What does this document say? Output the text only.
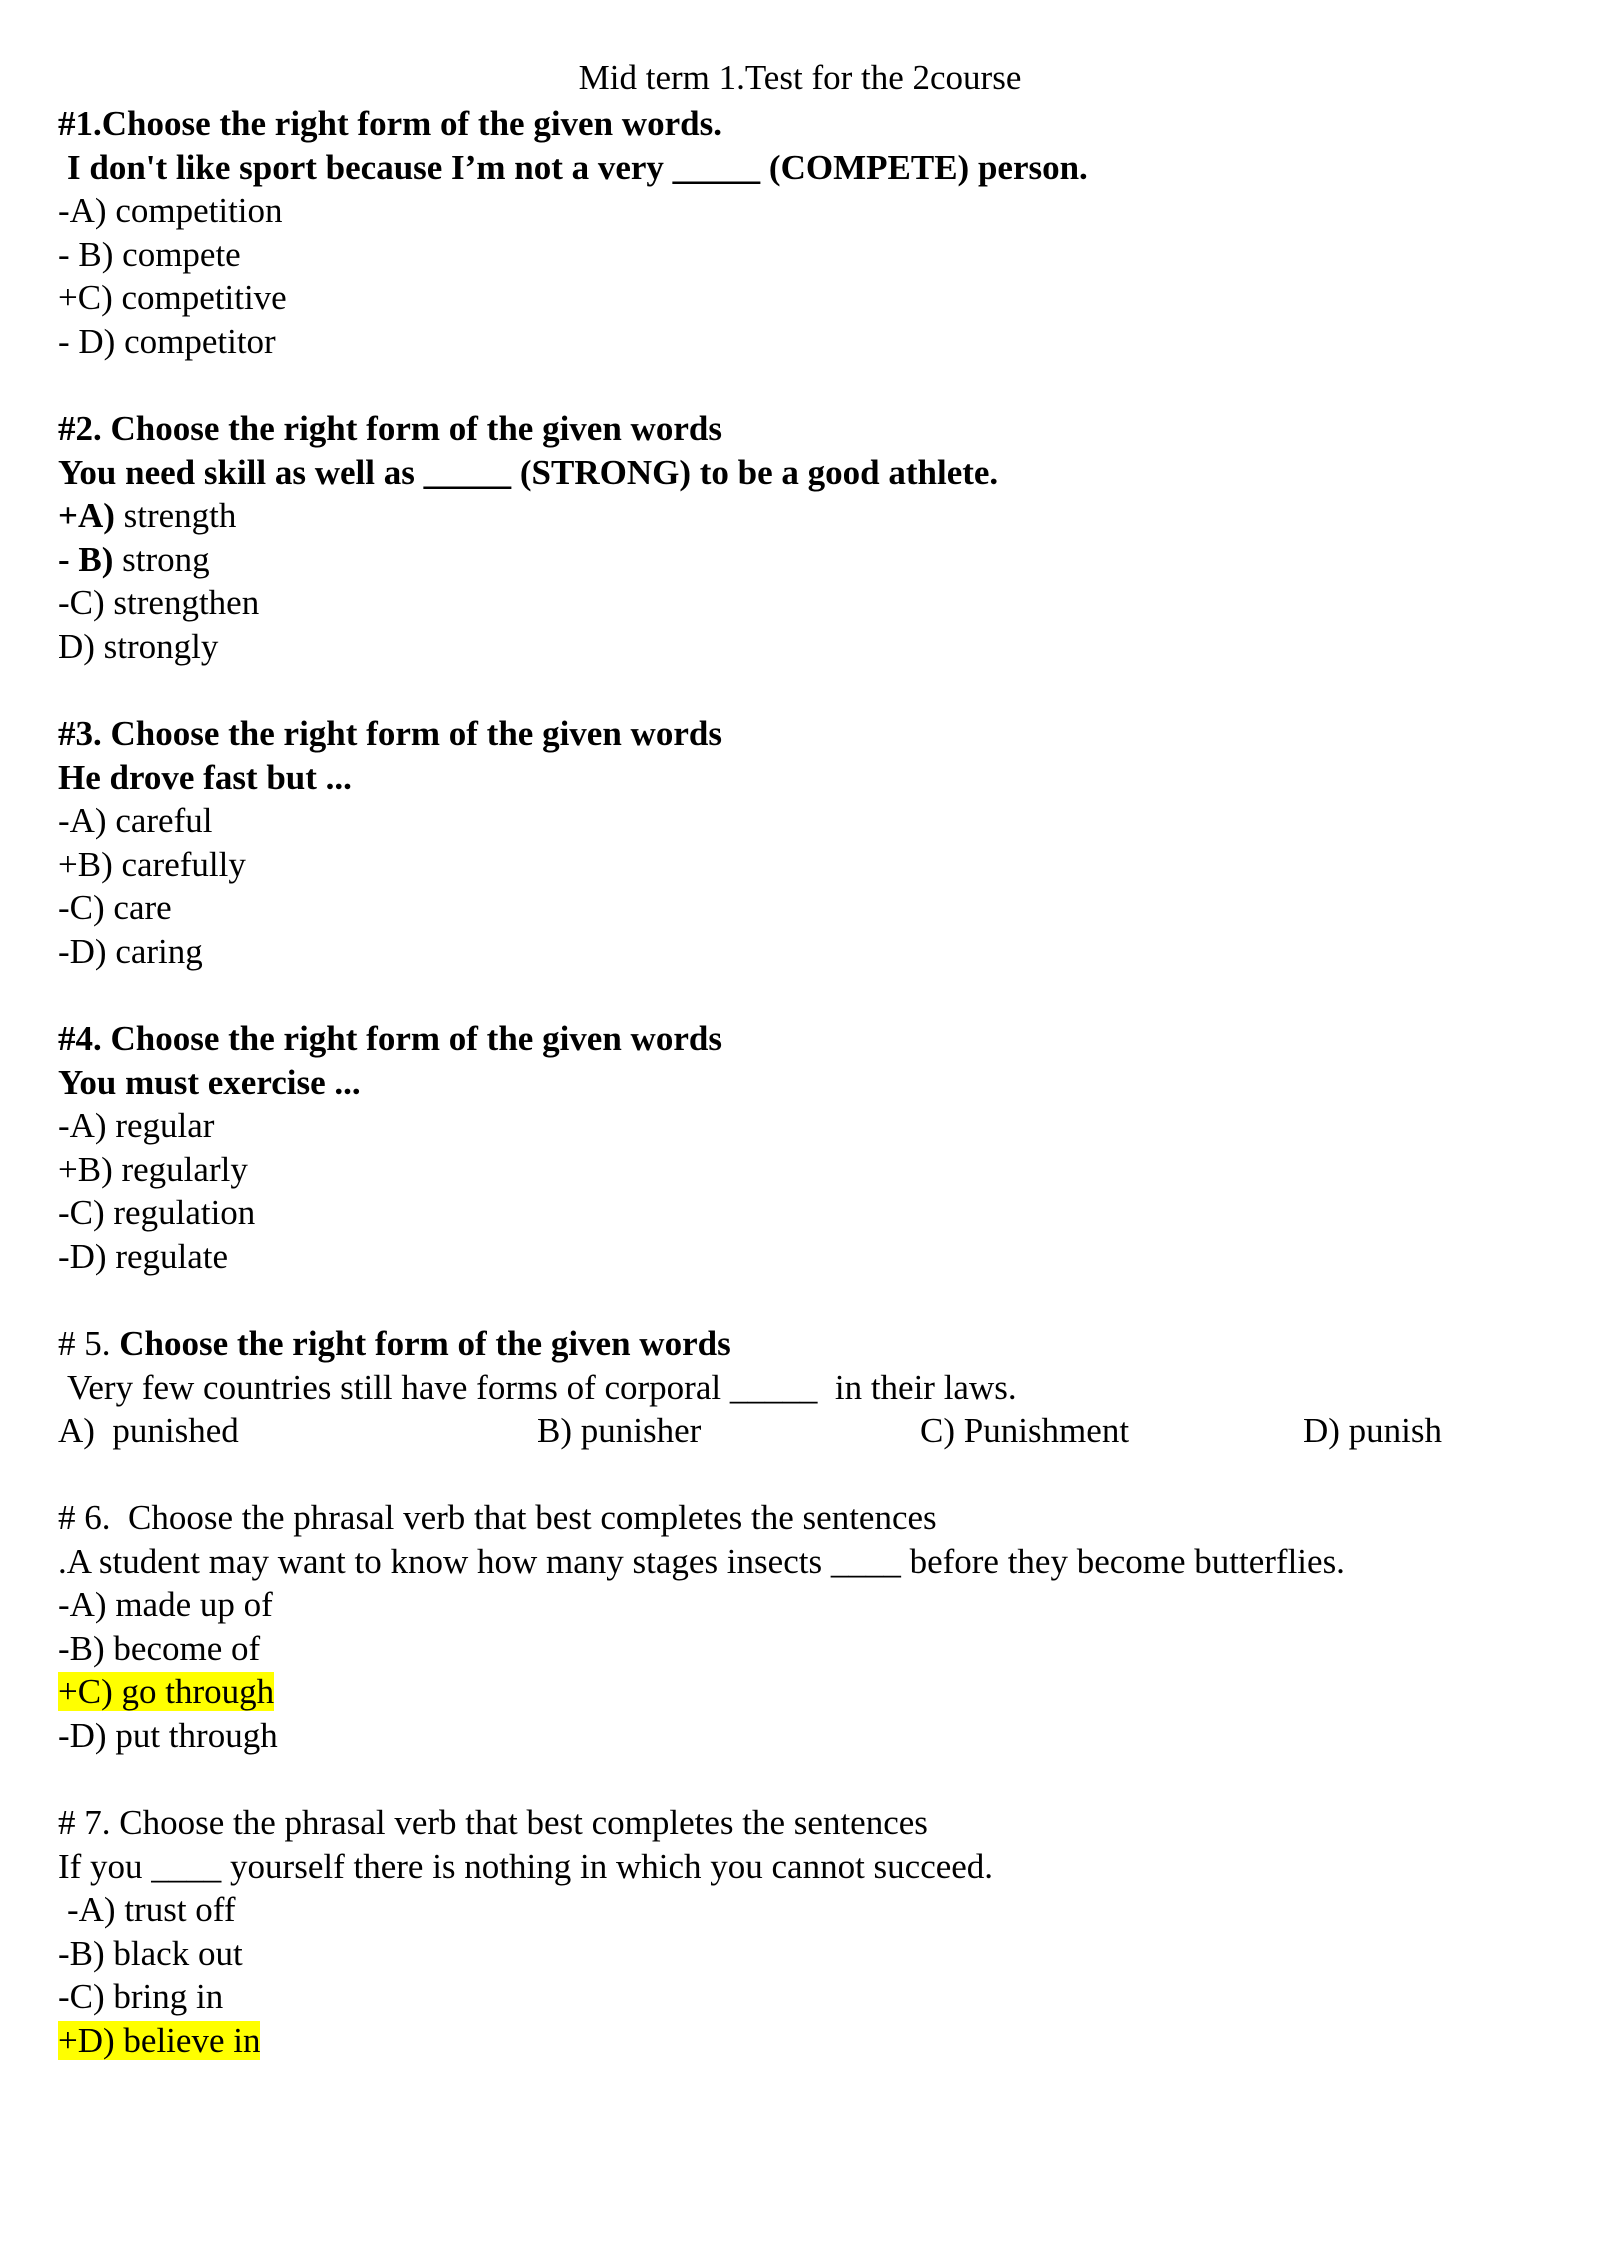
Mid term 1.Test for the 2course
#1.Choose the right form of the given words.
I don't like sport because I’m not a very _____ (COMPETE) person.
-A) competition
- B) compete
+C) competitive
- D) competitor
#2. Choose the right form of the given words
You need skill as well as _____ (STRONG) to be a good athlete.
+A) strength
- B) strong
-C) strengthen
D) strongly
#3. Choose the right form of the given words
He drove fast but ...
-A) careful
+B) carefully
-C) care
-D) caring
#4. Choose the right form of the given words
You must exercise ...
-A) regular
+B) regularly
-C) regulation
-D) regulate
# 5. Choose the right form of the given words
Very few countries still have forms of corporal _____  in their laws.
A)  punished	B) punisher	C) Punishment	D) punish
# 6.  Choose the phrasal verb that best completes the sentences
.A student may want to know how many stages insects ____ before they become butterflies.
-A) made up of
-B) become of
+C) go through
-D) put through
# 7. Choose the phrasal verb that best completes the sentences
If you ____ yourself there is nothing in which you cannot succeed.
-A) trust off
-B) black out
-C) bring in
+D) believe in
